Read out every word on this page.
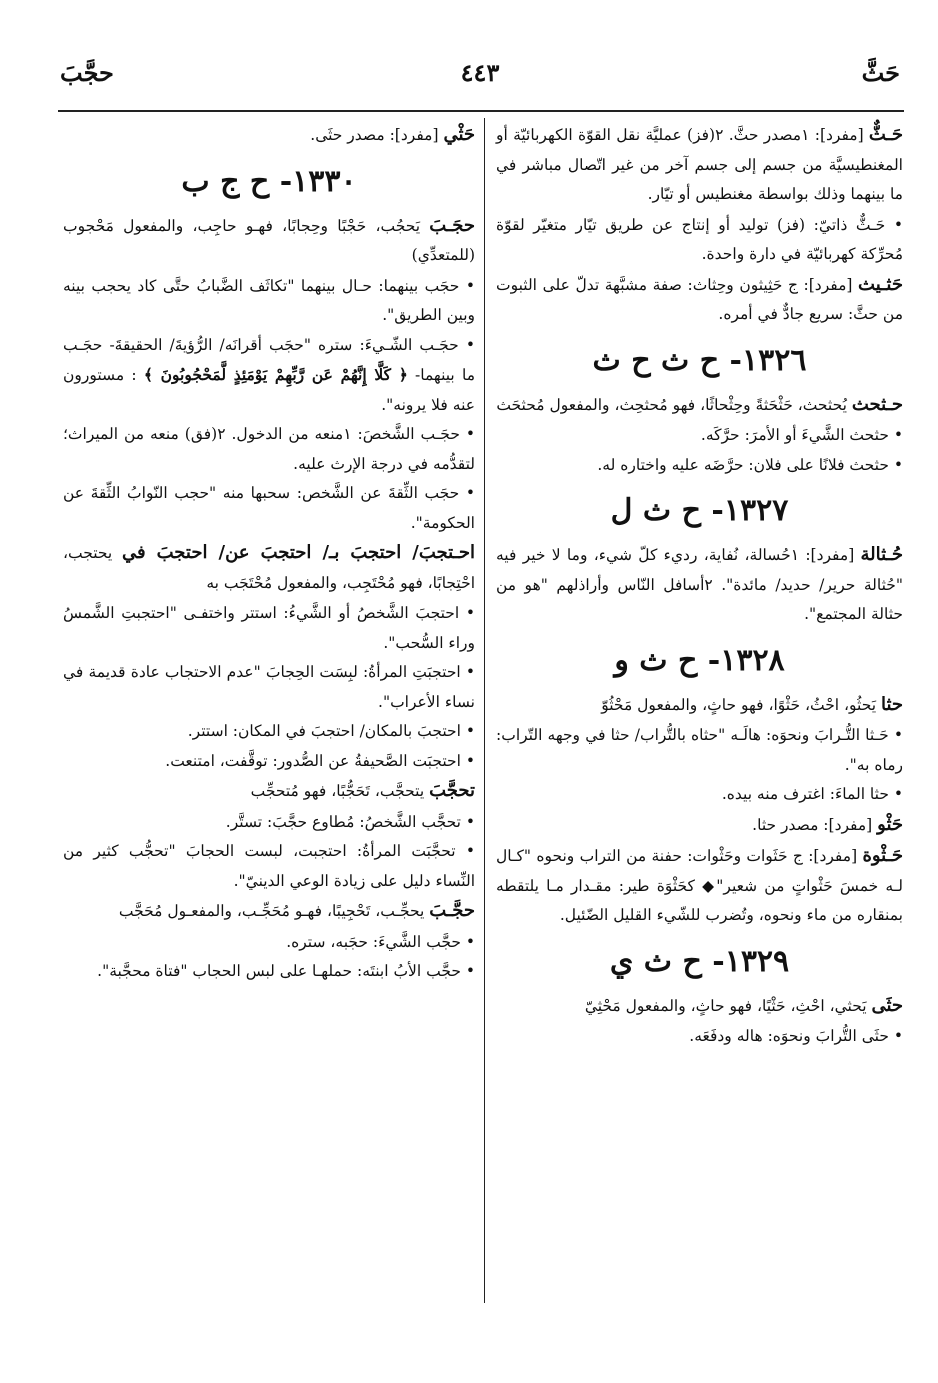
حجَّبَ	٤٤٣	حَثَّ

حَـثٌّ [مفرد]: ١مصدر حثَّ. ٢(فز) عمليَّة نقل القوّة الكهربائيّة أو المغنطيسيَّة من جسم إلى جسم آخر من غير اتّصال مباشر في ما بينهما وذلك بواسطة مغنطيس أو تيّار.

• حَـثٌّ ذاتيّ: (فز) توليد أو إنتاج عن طريق تيّار متغيّر لقوّة مُحرِّكة كهربائيّة في دارة واحدة.

حَثـيث [مفرد]: ج حَثِيثون وحِثاث: صفة مشبَّهة تدلّ على الثبوت من حثَّ: سريع جادٌّ في أمره.

١٣٢٦- ح ث ح ث

حـثحث يُحثحث، حَثْحَثةً وحِثْحاثًا، فهو مُحثحِث، والمفعول مُحثحَث

• حثحث الشَّيءَ أو الأمرَ: حرَّكَه.

• حثحث فلانًا على فلان: حرَّضَه عليه واختاره له.

١٣٢٧- ح ث ل

حُـثالة [مفرد]: ١حُسالة، نُفاية، رديء كلّ شيء، وما لا خير فيه "حُثالة حرير/ حديد/ مائدة". ٢أسافل النّاس وأراذلهم "هو من حثالة المجتمع".

١٣٢٨- ح ث و

حثا يَحثُو، احْثُ، حَثْوًا، فهو حاثٍ، والمفعول مَحْثُوّ

• حَـثا التُّـرابَ ونحوَه: هالَـه "حثاه بالتُّراب/ حثا في وجهه التّراب: رماه به".

• حثا الماءَ: اغترف منه بيده.

حَثْو [مفرد]: مصدر حثا.

حَـثْوة [مفرد]: ج حَثَوات وحَثْوات: حفنة من التراب ونحوه "كـال لـه خمسَ حَثْواتٍ من شعير"◆ كحَثْوَة طير: مقـدار مـا يلتقطه بمنقاره من ماء ونحوه، وتُضرب للشّيء القليل الضّئيل.

١٣٢٩- ح ث ي

حثَى يَحثي، احْثِ، حَثْيًا، فهو حاثٍ، والمفعول مَحْثِيّ

• حثَى التُّرابَ ونحوَه: هاله ودفَعَه.

حَثْي [مفرد]: مصدر حثَى.

١٣٣٠- ح ج ب

حجَـبَ يَحجُب، حَجْبًا وحِجابًا، فهـو حاجِب، والمفعول مَحْجوب (للمتعدِّي)

• حجَب بينهما: حـال بينهما "تكاثَف الضَّبابُ حتَّى كاد يحجب بينه وبين الطريق".

• حجَـب الشّـيءَ: ستره "حجَب أقرانَه/ الرُّؤيةَ/ الحقيقةَ- حجَـب ما بينهما- ﴿ كَلَّا إِنَّهُمْ عَن رَّبِّهِمْ يَوْمَئِذٍ لَّمَحْجُوبُونَ ﴾ : مستورون عنه فلا يرونه".

• حجَـب الشَّخصَ: ١منعه من الدخول. ٢(فق) منعه من الميراث؛ لتقدُّمه في درجة الإرث عليه.

• حجَب الثِّقةَ عن الشَّخص: سحبها منه "حجب النّوابُ الثِّقةَ عن الحكومة".

احـتجبَ/ احتجبَ بـ/ احتجبَ عن/ احتجبَ في يحتجب، احْتِجابًا، فهو مُحْتَجِب، والمفعول مُحْتَجَب به

• احتجبَ الشَّخصُ أو الشَّيءُ: استتر واختفـى "احتجبتِ الشَّمسُ وراء السُّحب".

• احتجبَتِ المرأةُ: لبِسَت الحِجابَ "عدم الاحتجاب عادة قديمة في نساء الأعراب".

• احتجبَ بالمكان/ احتجبَ في المكان: استتر.

• احتجبَت الصَّحيفةُ عن الصُّدور: توقَّفت، امتنعت.

تحجَّبَ يتحجَّب، تَحَجُّبًا، فهو مُتحجِّب

• تحجَّب الشَّخصُ: مُطاوع حجَّبَ: تستَّر.

• تحجَّبَت المرأةُ: احتجبت، لبست الحجابَ "تحجُّب كثير من النِّساء دليل على زيادة الوعي الدينيّ".

حجَّـبَ يحجِّـب، تَحْجِيبًا، فهـو مُحَجِّـب، والمفعـول مُحَجَّب

• حجَّب الشَّيءَ: حجَبه، ستره.

• حجَّب الأبُ ابنتَه: حملهـا على لبس الحجاب "فتاة محجَّبة".
